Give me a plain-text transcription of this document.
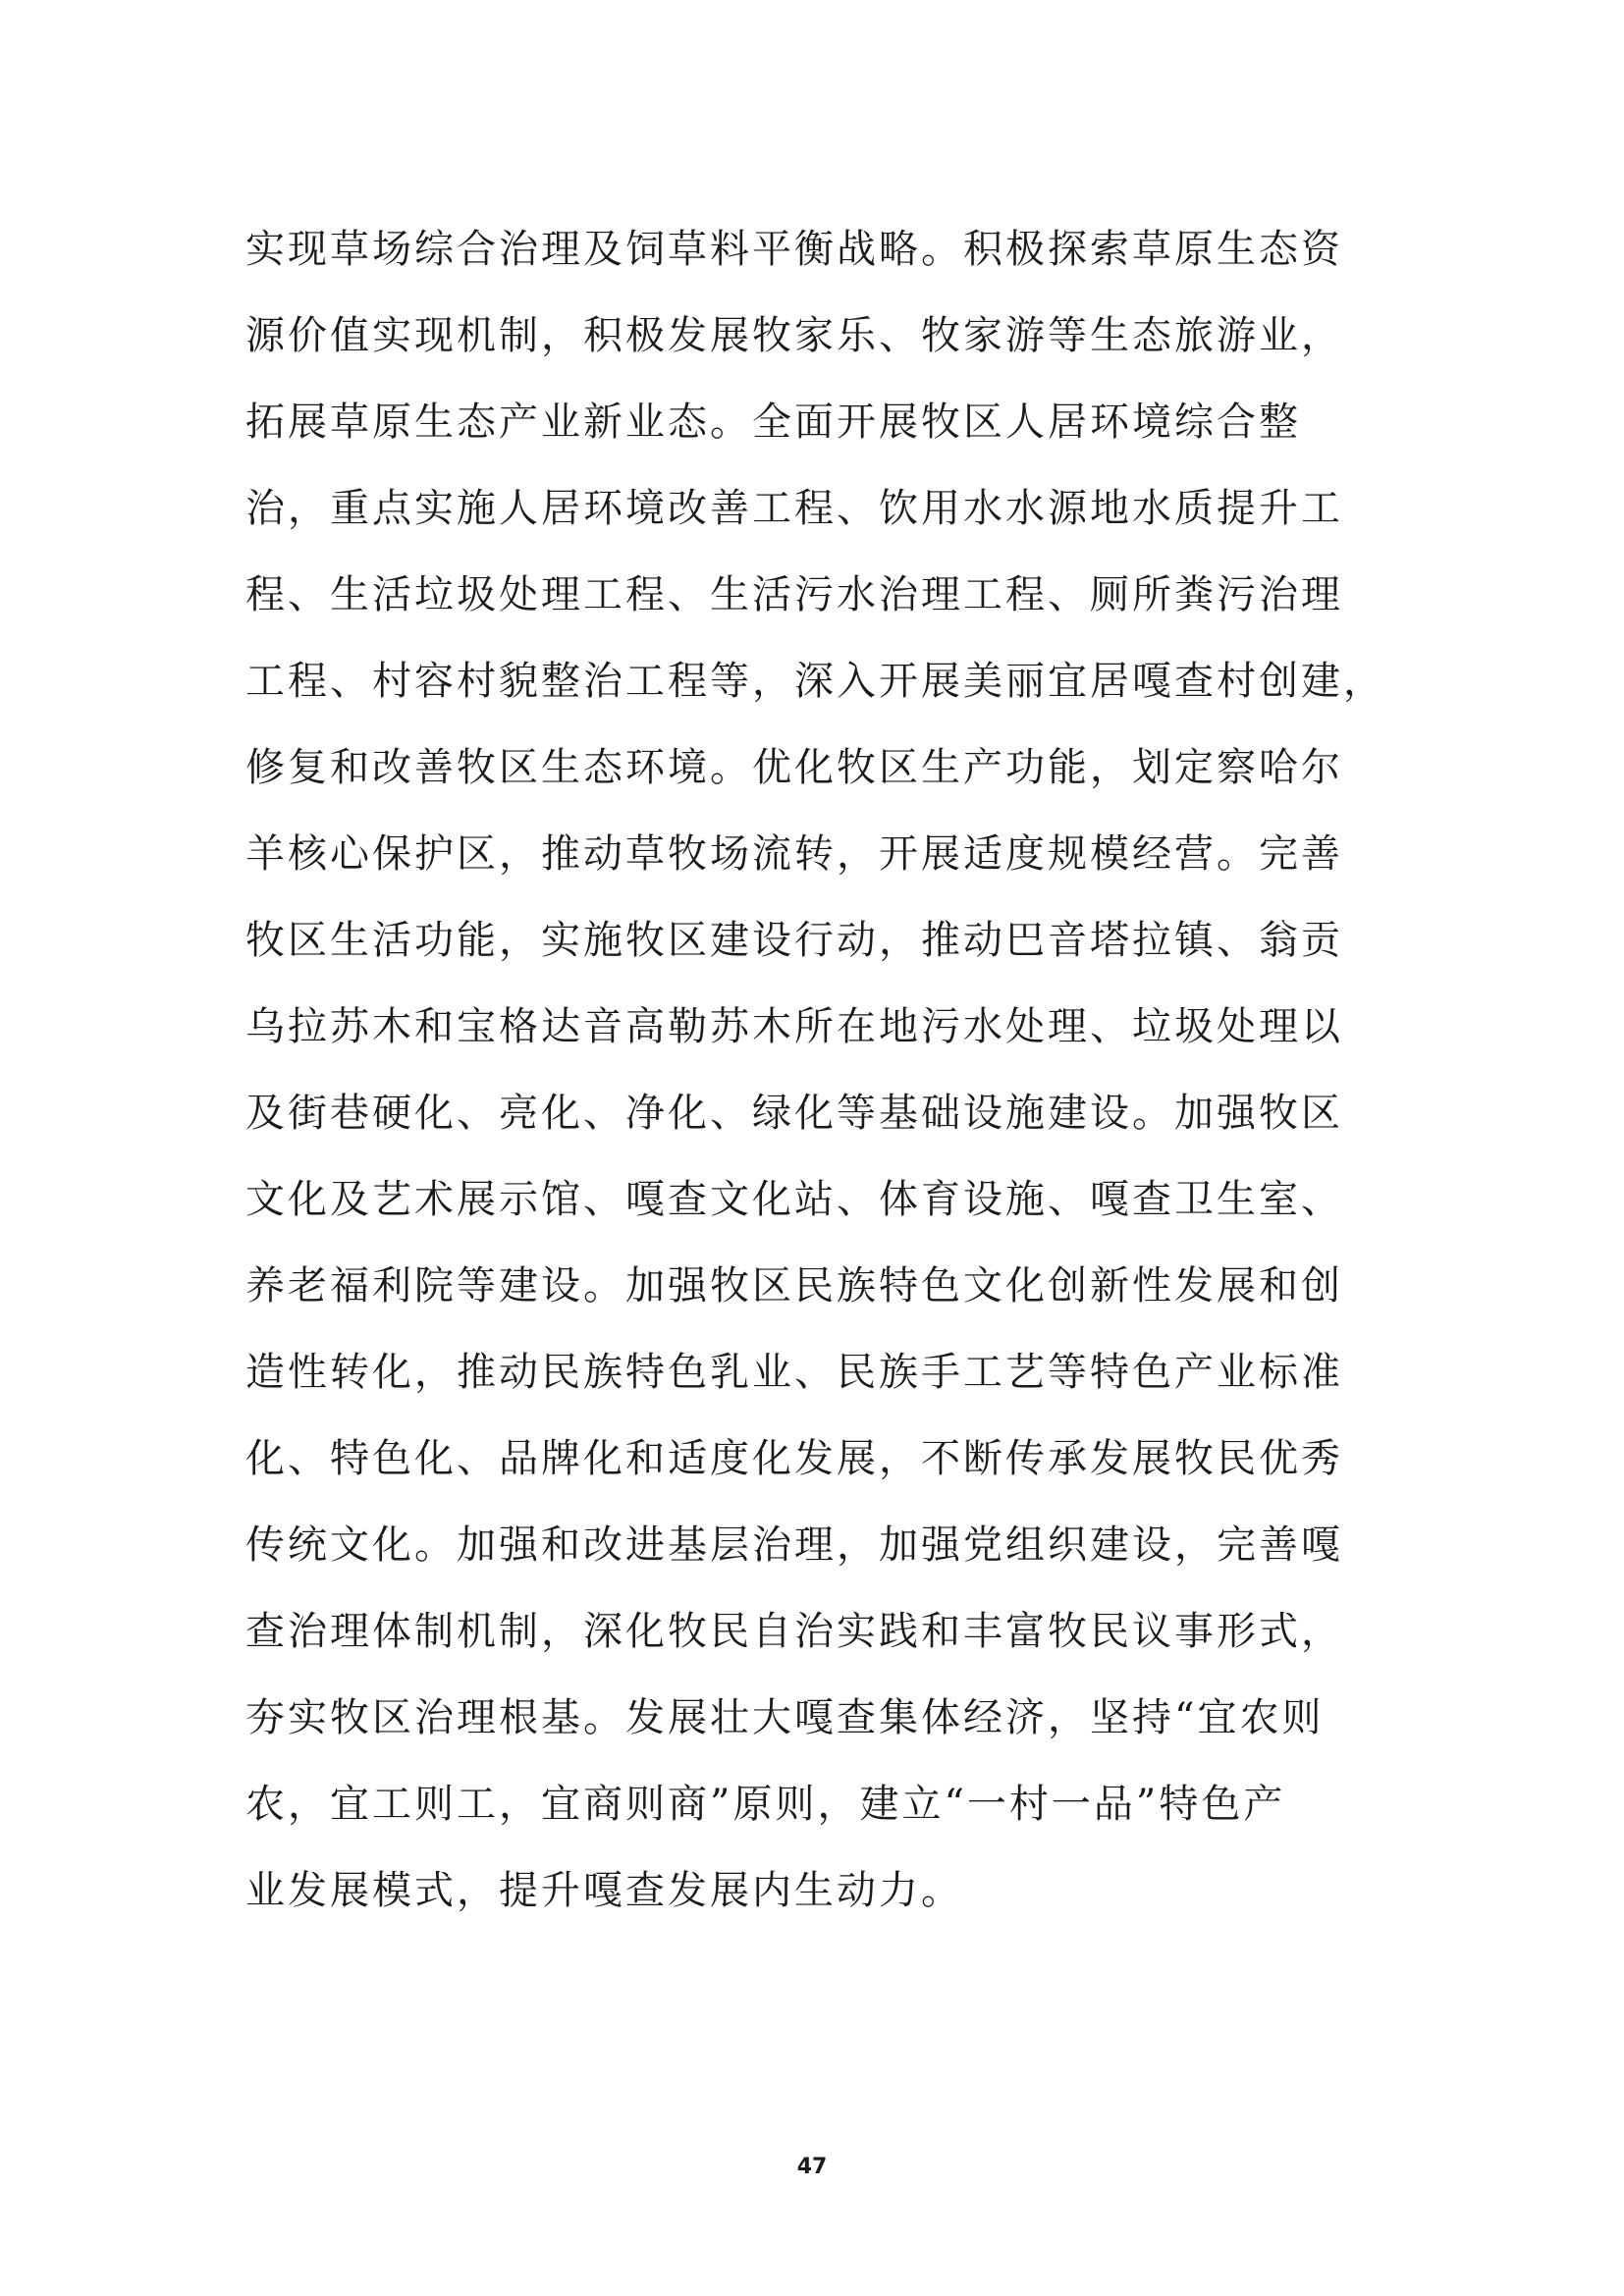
实现草场综合治理及饲草料平衡战略。积极探索草原生态资
源价值实现机制，积极发展牧家乐、牧家游等生态旅游业，
拓展草原生态产业新业态。全面开展牧区人居环境综合整
治，重点实施人居环境改善工程、饮用水水源地水质提升工
程、生活垃圾处理工程、生活污水治理工程、厕所粪污治理
工程、村容村貌整治工程等，深入开展美丽宜居嘎查村创建，
修复和改善牧区生态环境。优化牧区生产功能，划定察哈尔
羊核心保护区，推动草牧场流转，开展适度规模经营。完善
牧区生活功能，实施牧区建设行动，推动巴音塔拉镇、翁贡
乌拉苏木和宝格达音高勒苏木所在地污水处理、垃圾处理以
及街巷硬化、亮化、净化、绿化等基础设施建设。加强牧区
文化及艺术展示馆、嘎查文化站、体育设施、嘎查卫生室、
养老福利院等建设。加强牧区民族特色文化创新性发展和创
造性转化，推动民族特色乳业、民族手工艺等特色产业标准
化、特色化、品牌化和适度化发展，不断传承发展牧民优秀
传统文化。加强和改进基层治理，加强党组织建设，完善嘎
查治理体制机制，深化牧民自治实践和丰富牧民议事形式，
夯实牧区治理根基。发展壮大嘎查集体经济，坚持“宜农则
农，宜工则工，宜商则商”原则，建立“一村一品”特色产
业发展模式，提升嘎查发展内生动力。
47
